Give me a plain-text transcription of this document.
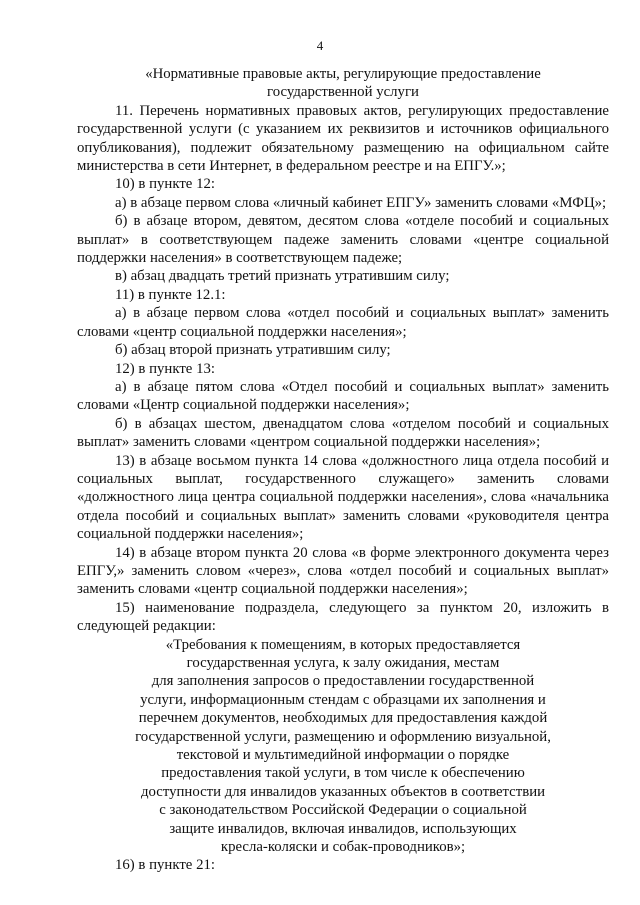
4
«Нормативные правовые акты, регулирующие предоставление
государственной услуги

11. Перечень нормативных правовых актов, регулирующих предоставление государственной услуги (с указанием их реквизитов и источников официального опубликования), подлежит обязательному размещению на официальном сайте министерства в сети Интернет, в федеральном реестре и на ЕПГУ.»;

10) в пункте 12:

а) в абзаце первом слова «личный кабинет ЕПГУ» заменить словами «МФЦ»;

б) в абзаце втором, девятом, десятом слова «отделе пособий и социальных выплат» в соответствующем падеже заменить словами «центре социальной поддержки населения» в соответствующем падеже;

в) абзац двадцать третий признать утратившим силу;

11) в пункте 12.1:

а) в абзаце первом слова «отдел пособий и социальных выплат» заменить словами «центр социальной поддержки населения»;

б) абзац второй признать утратившим силу;

12) в пункте 13:

а) в абзаце пятом слова «Отдел пособий и социальных выплат» заменить словами «Центр социальной поддержки населения»;

б) в абзацах шестом, двенадцатом слова «отделом пособий и социальных выплат» заменить словами «центром социальной поддержки населения»;

13) в абзаце восьмом пункта 14 слова «должностного лица отдела пособий и социальных выплат, государственного служащего» заменить словами «должностного лица центра социальной поддержки населения», слова «начальника отдела пособий и социальных выплат» заменить словами «руководителя центра социальной поддержки населения»;

14) в абзаце втором пункта 20 слова «в форме электронного документа через ЕПГУ,» заменить словом «через», слова «отдел пособий и социальных выплат» заменить словами «центр социальной поддержки населения»;

15) наименование подраздела, следующего за пунктом 20, изложить в следующей редакции:

«Требования к помещениям, в которых предоставляется
государственная услуга, к залу ожидания, местам
для заполнения запросов о предоставлении государственной
услуги, информационным стендам с образцами их заполнения и
перечнем документов, необходимых для предоставления каждой
государственной услуги, размещению и оформлению визуальной,
текстовой и мультимедийной информации о порядке
предоставления такой услуги, в том числе к обеспечению
доступности для инвалидов указанных объектов в соответствии
с законодательством Российской Федерации о социальной
защите инвалидов, включая инвалидов, использующих
кресла-коляски и собак-проводников»;

16) в пункте 21:
